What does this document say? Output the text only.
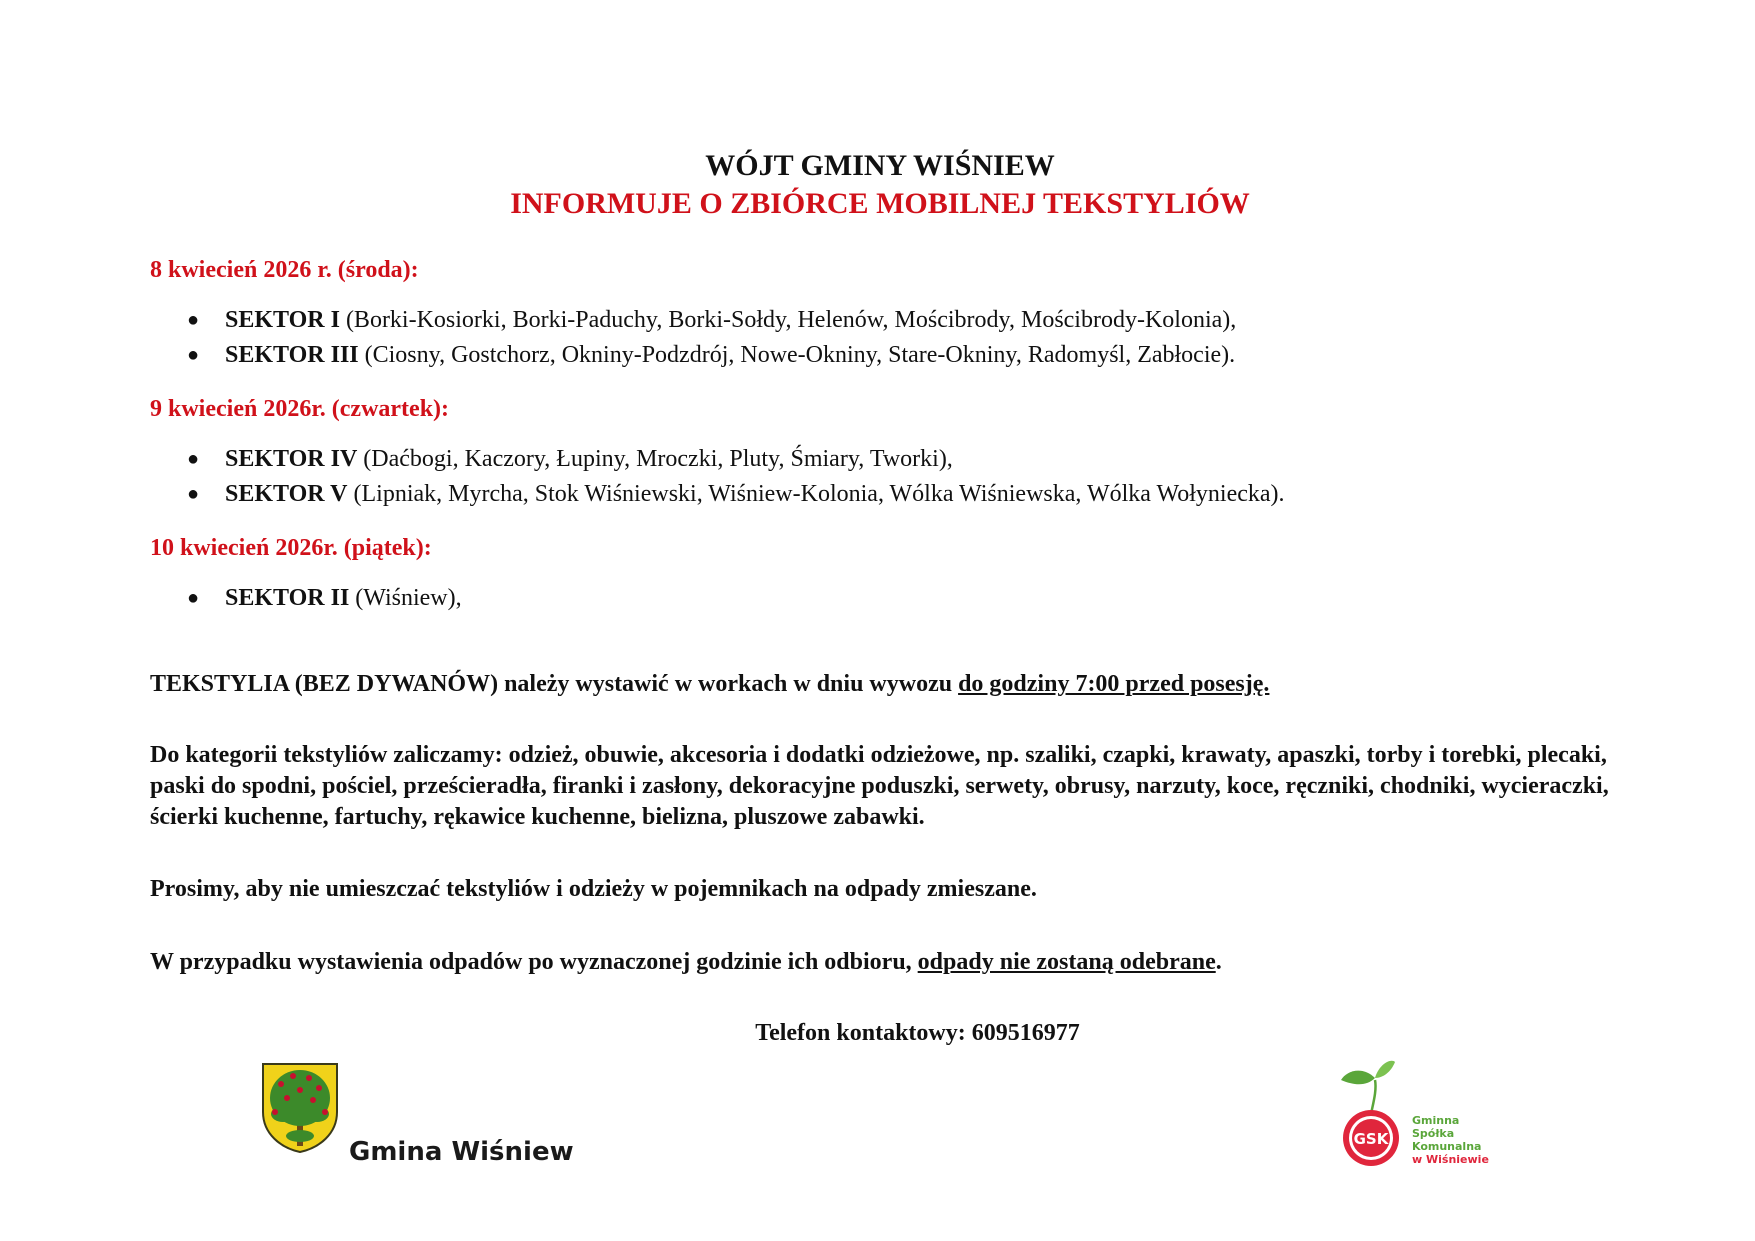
WÓJT GMINY WIŚNIEW
INFORMUJE O ZBIÓRCE MOBILNEJ TEKSTYLIÓW
8 kwiecień 2026 r. (środa):
● SEKTOR I (Borki-Kosiorki, Borki-Paduchy, Borki-Sołdy, Helenów, Mościbrody, Mościbrody-Kolonia),
● SEKTOR III (Ciosny, Gostchorz, Okniny-Podzdrój, Nowe-Okniny, Stare-Okniny, Radomyśl, Zabłocie).
9 kwiecień 2026r. (czwartek):
● SEKTOR IV (Daćbogi, Kaczory, Łupiny, Mroczki, Pluty, Śmiary, Tworki),
● SEKTOR V (Lipniak, Myrcha, Stok Wiśniewski, Wiśniew-Kolonia, Wólka Wiśniewska, Wólka Wołyniecka).
10 kwiecień 2026r. (piątek):
● SEKTOR II (Wiśniew),
TEKSTYLIA (BEZ DYWANÓW) należy wystawić w workach w dniu wywozu do godziny 7:00 przed posesję.
Do kategorii tekstyliów zaliczamy: odzież, obuwie, akcesoria i dodatki odzieżowe, np. szaliki, czapki, krawaty, apaszki, torby i torebki, plecaki, paski do spodni, pościel, prześcieradła, firanki i zasłony, dekoracyjne poduszki, serwety, obrusy, narzuty, koce, ręczniki, chodniki, wycieraczki, ścierki kuchenne, fartuchy, rękawice kuchenne, bielizna, pluszowe zabawki.
Prosimy, aby nie umieszczać tekstyliów i odzieży w pojemnikach na odpady zmieszane.
W przypadku wystawienia odpadów po wyznaczonej godzinie ich odbioru, odpady nie zostaną odebrane.
Telefon kontaktowy: 609516977
Gmina Wiśniew	GSK
Gminna
Spółka
Komunalna
w Wiśniewie
